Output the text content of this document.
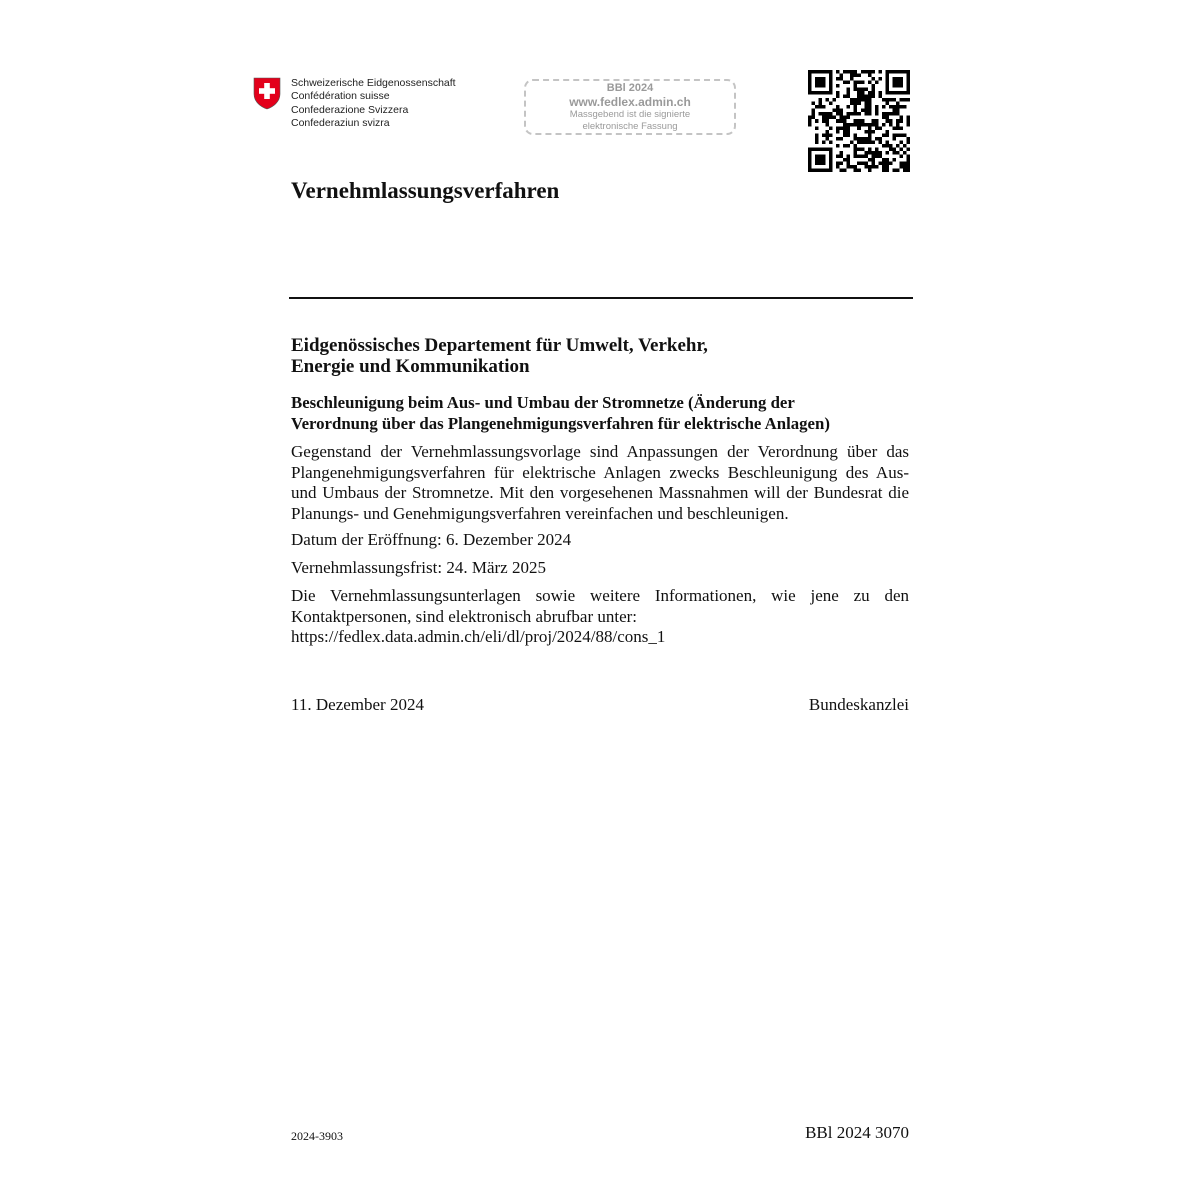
Schweizerische Eidgenossenschaft
Confédération suisse
Confederazione Svizzera
Confederaziun svizra
BBl 2024
www.fedlex.admin.ch
Massgebend ist die signierte
elektronische Fassung
Vernehmlassungsverfahren
Eidgenössisches Departement für Umwelt, Verkehr,
Energie und Kommunikation
Beschleunigung beim Aus- und Umbau der Stromnetze (Änderung der
Verordnung über das Plangenehmigungsverfahren für elektrische Anlagen)
Gegenstand der Vernehmlassungsvorlage sind Anpassungen der Verordnung über das Plangenehmigungsverfahren für elektrische Anlagen zwecks Beschleunigung des Aus- und Umbaus der Stromnetze. Mit den vorgesehenen Massnahmen will der Bundesrat die Planungs- und Genehmigungsverfahren vereinfachen und beschleunigen.
Datum der Eröffnung: 6. Dezember 2024
Vernehmlassungsfrist: 24. März 2025
Die Vernehmlassungsunterlagen sowie weitere Informationen, wie jene zu den Kontaktpersonen, sind elektronisch abrufbar unter:
https://fedlex.data.admin.ch/eli/dl/proj/2024/88/cons_1
11. Dezember 2024	Bundeskanzlei
2024-3903	BBl 2024 3070
